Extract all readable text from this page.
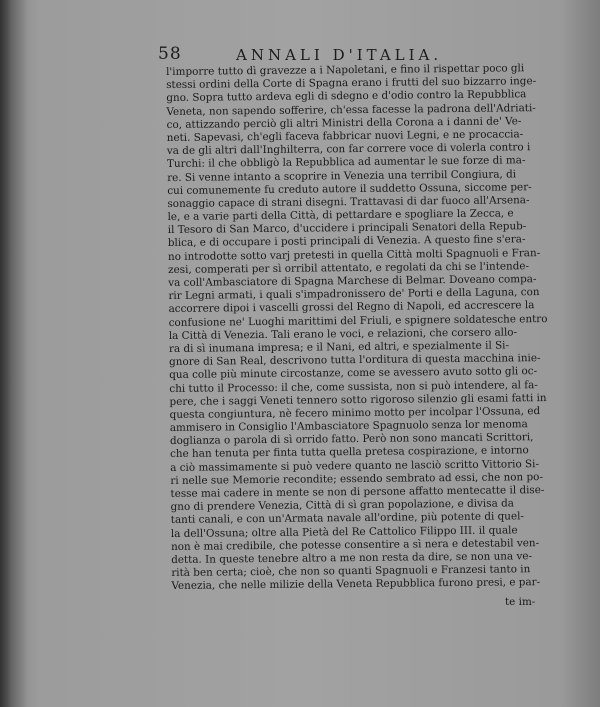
58	ANNALI D'ITALIA.
l'imporre tutto dì gravezze a i Napoletani, e fino il rispettar poco gli
stessi ordini della Corte di Spagna erano i frutti del suo bizzarro inge-
gno. Sopra tutto ardeva egli di sdegno e d'odio contro la Repubblica
Veneta, non sapendo sofferire, ch'essa facesse la padrona dell'Adriati-
co, attizzando perciò gli altri Ministri della Corona a i danni de' Ve-
neti. Sapevasi, ch'egli faceva fabbricar nuovi Legni, e ne procaccia-
va de gli altri dall'Inghilterra, con far correre voce di volerla contro i
Turchi: il che obbligò la Repubblica ad aumentar le sue forze di ma-
re. Si venne intanto a scoprire in Venezia una terribil Congiura, di
cui comunemente fu creduto autore il suddetto Ossuna, siccome per-
sonaggio capace di strani disegni. Trattavasi di dar fuoco all'Arsena-
le, e a varie parti della Città, di pettardare e spogliare la Zecca, e
il Tesoro di San Marco, d'uccidere i principali Senatori della Repub-
blica, e di occupare i posti principali di Venezia. A questo fine s'era-
no introdotte sotto varj pretesti in quella Città molti Spagnuoli e Fran-
zesi, comperati per sì orribil attentato, e regolati da chi se l'intende-
va coll'Ambasciatore di Spagna Marchese di Belmar. Doveano compa-
rir Legni armati, i quali s'impadronissero de' Porti e della Laguna, con
accorrere dipoi i vascelli grossi del Regno di Napoli, ed accrescere la
confusione ne' Luoghi marittimi del Friuli, e spignere soldatesche entro
la Città di Venezia. Tali erano le voci, e relazioni, che corsero allo-
ra di sì inumana impresa; e il Nani, ed altri, e spezialmente il Si-
gnore di San Real, descrivono tutta l'orditura di questa macchina inie-
qua colle più minute circostanze, come se avessero avuto sotto gli oc-
chi tutto il Processo: il che, come sussista, non si può intendere, al fa-
pere, che i saggi Veneti tennero sotto rigoroso silenzio gli esami fatti in
questa congiuntura, nè fecero minimo motto per incolpar l'Ossuna, ed
ammisero in Consiglio l'Ambasciatore Spagnuolo senza lor menoma
doglianza o parola di sì orrido fatto. Però non sono mancati Scrittori,
che han tenuta per finta tutta quella pretesa cospirazione, e intorno
a ciò massimamente si può vedere quanto ne lasciò scritto Vittorio Si-
ri nelle sue Memorie recondite; essendo sembrato ad essi, che non po-
tesse mai cadere in mente se non di persone affatto mentecatte il dise-
gno di prendere Venezia, Città di sì gran popolazione, e divisa da
tanti canali, e con un'Armata navale all'ordine, più potente di quel-
la dell'Ossuna; oltre alla Pietà del Re Cattolico Filippo III. il quale
non è mai credibile, che potesse consentire a sì nera e detestabil ven-
detta. In queste tenebre altro a me non resta da dire, se non una ve-
rità ben certa; cioè, che non so quanti Spagnuoli e Franzesi tanto in
Venezia, che nelle milizie della Veneta Repubblica furono presi, e par-
te im-
